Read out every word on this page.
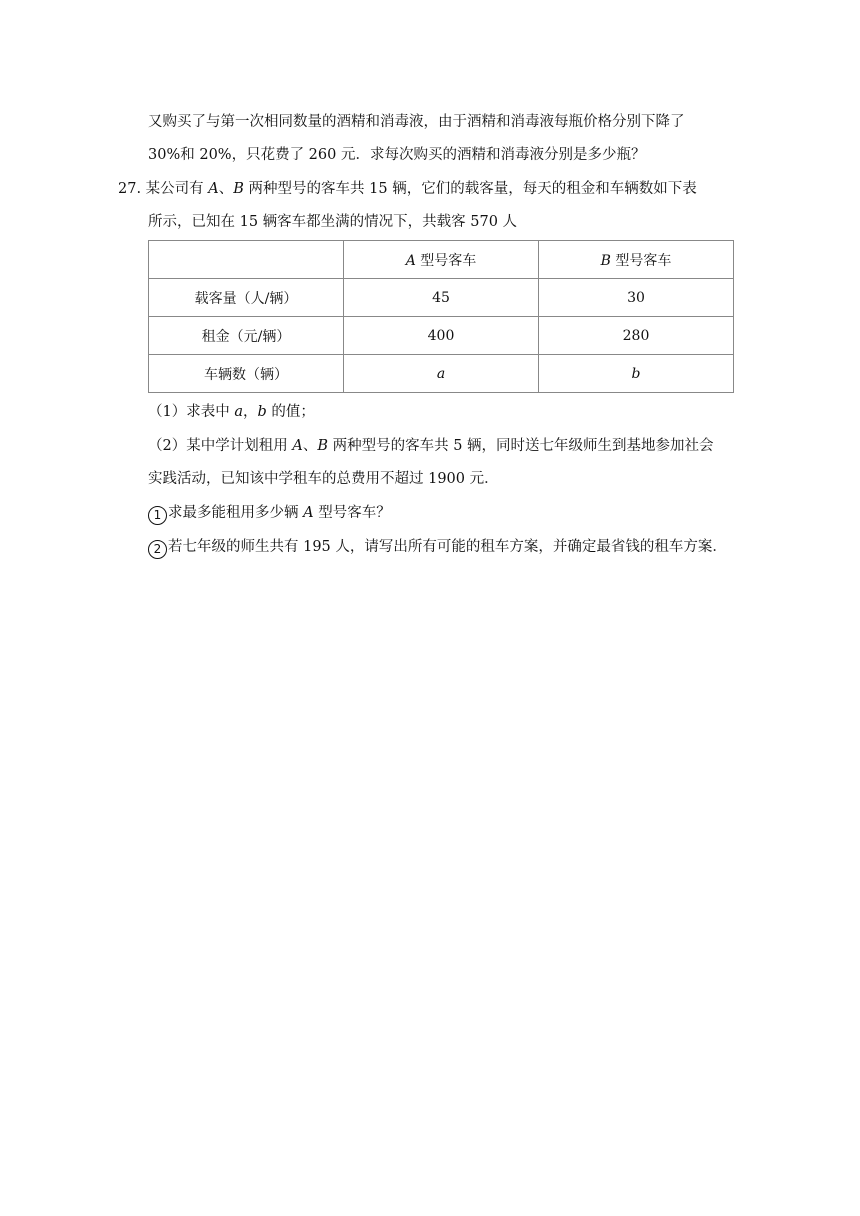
又购买了与第一次相同数量的酒精和消毒液，由于酒精和消毒液每瓶价格分别下降了
30%和 20%，只花费了 260 元．求每次购买的酒精和消毒液分别是多少瓶？
27. 某公司有 A、B 两种型号的客车共 15 辆，它们的载客量，每天的租金和车辆数如下表
所示，已知在 15 辆客车都坐满的情况下，共载客 570 人
	A 型号客车	B 型号客车
载客量（人/辆）	45	30
租金（元/辆）	400	280
车辆数（辆）	a	b
（1）求表中 a，b 的值；
（2）某中学计划租用 A、B 两种型号的客车共 5 辆，同时送七年级师生到基地参加社会
实践活动，已知该中学租车的总费用不超过 1900 元．
1 求最多能租用多少辆 A 型号客车？
2 若七年级的师生共有 195 人，请写出所有可能的租车方案，并确定最省钱的租车方案．
